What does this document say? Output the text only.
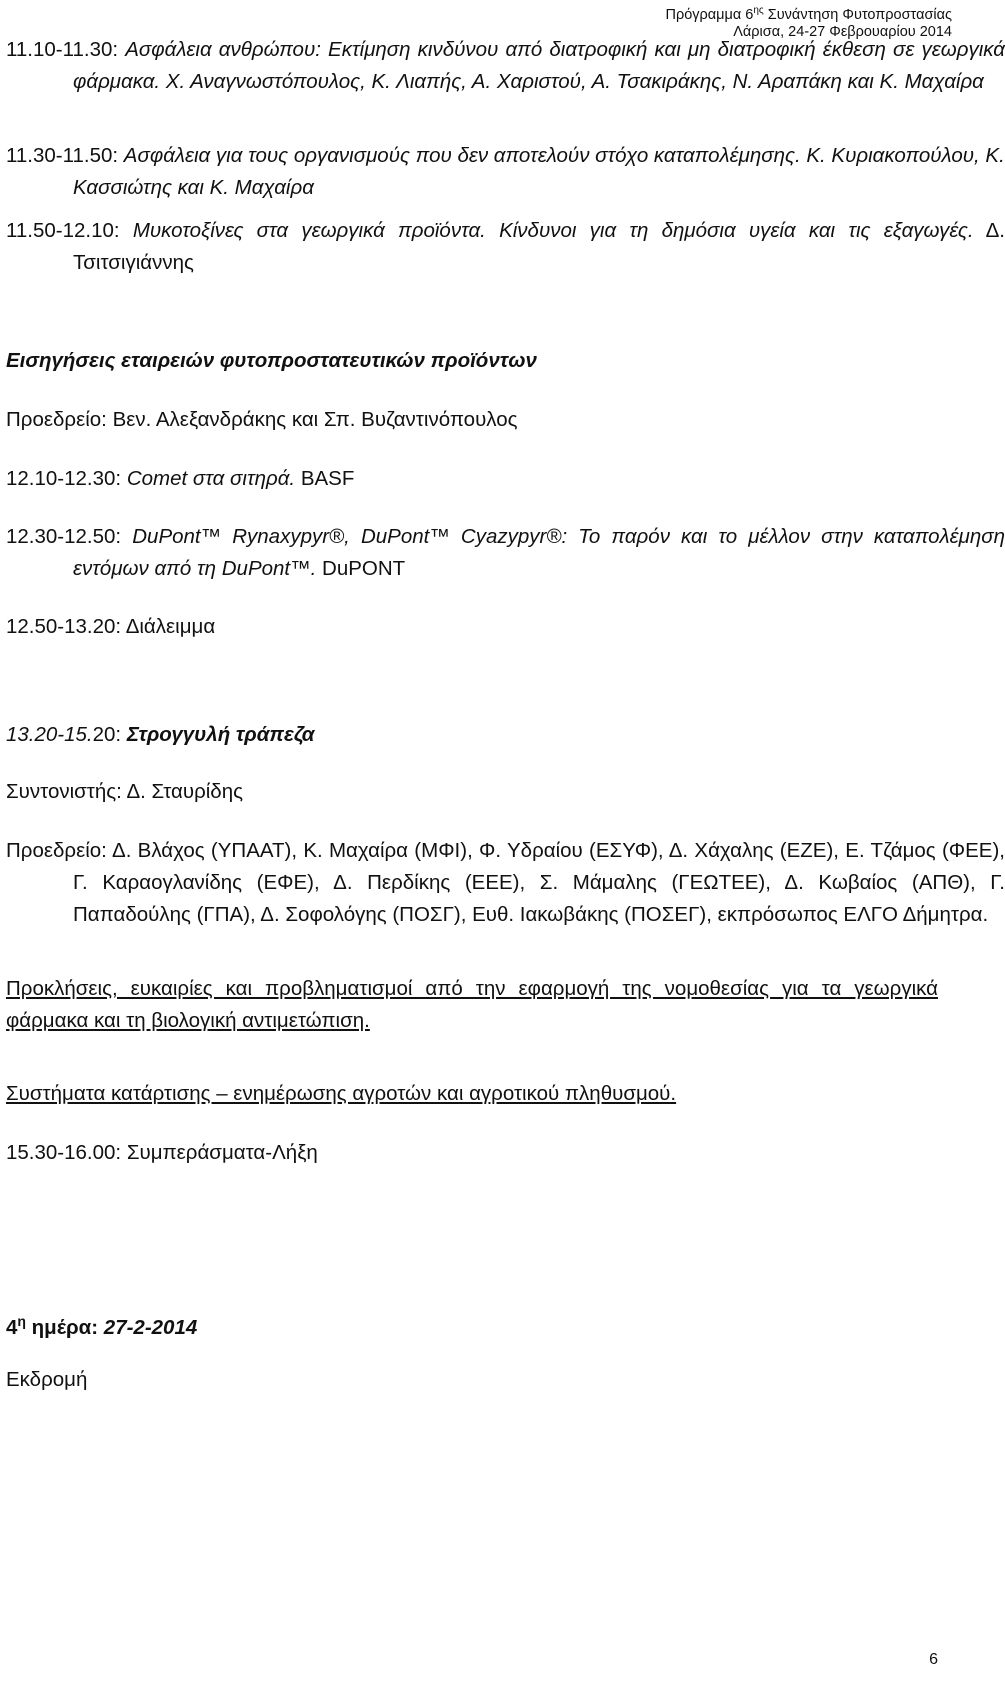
Πρόγραμμα $6^{\eta\varsigma}$ Συνάντηση Φυτοπροστασίας
Λάρισα, 24-27 Φεβρουαρίου 2014
11.10-11.30: Ασφάλεια ανθρώπου: Εκτίμηση κινδύνου από διατροφική και μη διατροφική έκθεση σε γεωργικά φάρμακα. Χ. Αναγνωστόπουλος, Κ. Λιαπής, Α. Χαριστού, Α. Τσακιράκης, Ν. Αραπάκη και Κ. Μαχαίρα
11.30-11.50: Ασφάλεια για τους οργανισμούς που δεν αποτελούν στόχο καταπολέμησης. Κ. Κυριακοπούλου, Κ. Κασσιώτης και Κ. Μαχαίρα
11.50-12.10: Μυκοτοξίνες στα γεωργικά προϊόντα. Κίνδυνοι για τη δημόσια υγεία και τις εξαγωγές. Δ. Τσιτσιγιάννης
Εισηγήσεις εταιρειών φυτοπροστατευτικών προϊόντων
Προεδρείο: Βεν. Αλεξανδράκης και Σπ. Βυζαντινόπουλος
12.10-12.30: Comet στα σιτηρά. BASF
12.30-12.50: DuPont™ Rynaxypyr®, DuPont™ Cyazypyr®: Το παρόν και το μέλλον στην καταπολέμηση εντόμων από τη DuPont™. DuPONT
12.50-13.20: Διάλειμμα
13.20-15.20: Στρογγυλή τράπεζα
Συντονιστής: Δ. Σταυρίδης
Προεδρείο: Δ. Βλάχος (ΥΠΑΑΤ), Κ. Μαχαίρα (ΜΦΙ), Φ. Υδραίου (ΕΣΥΦ), Δ. Χάχαλης (ΕΖΕ), Ε. Τζάμος (ΦΕΕ), Γ. Καραογλανίδης (ΕΦΕ), Δ. Περδίκης (ΕΕΕ), Σ. Μάμαλης (ΓΕΩΤΕΕ), Δ. Κωβαίος (ΑΠΘ), Γ. Παπαδούλης (ΓΠΑ), Δ. Σοφολόγης (ΠΟΣΓ), Ευθ. Ιακωβάκης (ΠΟΣΕΓ), εκπρόσωπος ΕΛΓΟ Δήμητρα.
Προκλήσεις, ευκαιρίες και προβληματισμοί από την εφαρμογή της νομοθεσίας για τα γεωργικά φάρμακα και τη βιολογική αντιμετώπιση.
Συστήματα κατάρτισης – ενημέρωσης αγροτών και αγροτικού πληθυσμού.
15.30-16.00: Συμπεράσματα-Λήξη
$4^\eta$ ημέρα: 27-2-2014
Εκδρομή
6
